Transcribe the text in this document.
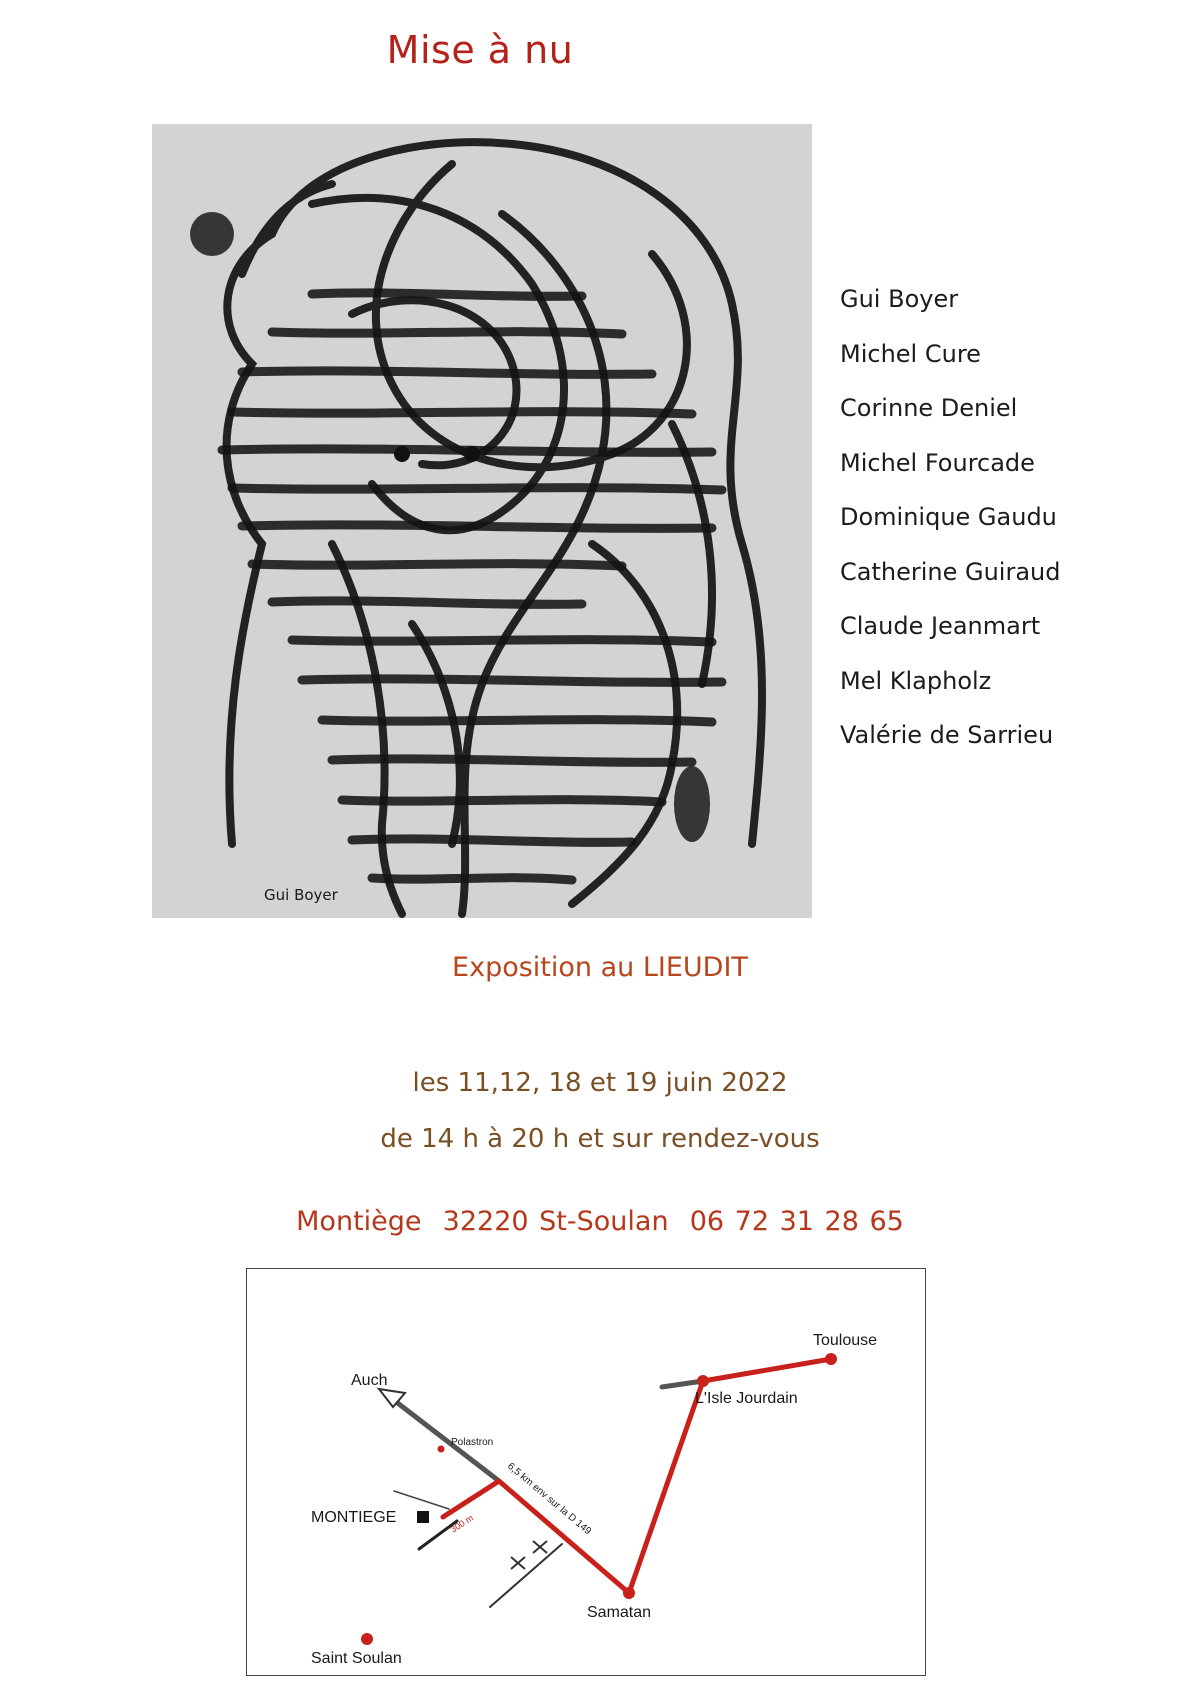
Mise à nu
Gui Boyer
Gui Boyer
Michel Cure
Corinne Deniel
Michel Fourcade
Dominique Gaudu
Catherine Guiraud
Claude Jeanmart
Mel Klapholz
Valérie de Sarrieu
Exposition au LIEUDIT
les 11,12, 18 et 19 juin 2022
de 14 h à 20 h et sur rendez-vous
Montiège  32220 St-Soulan  06 72 31 28 65
Toulouse
L'Isle Jourdain
Auch
Polastron
MONTIEGE	300 m	6,5 km env sur la D 149
Samatan
Saint Soulan
